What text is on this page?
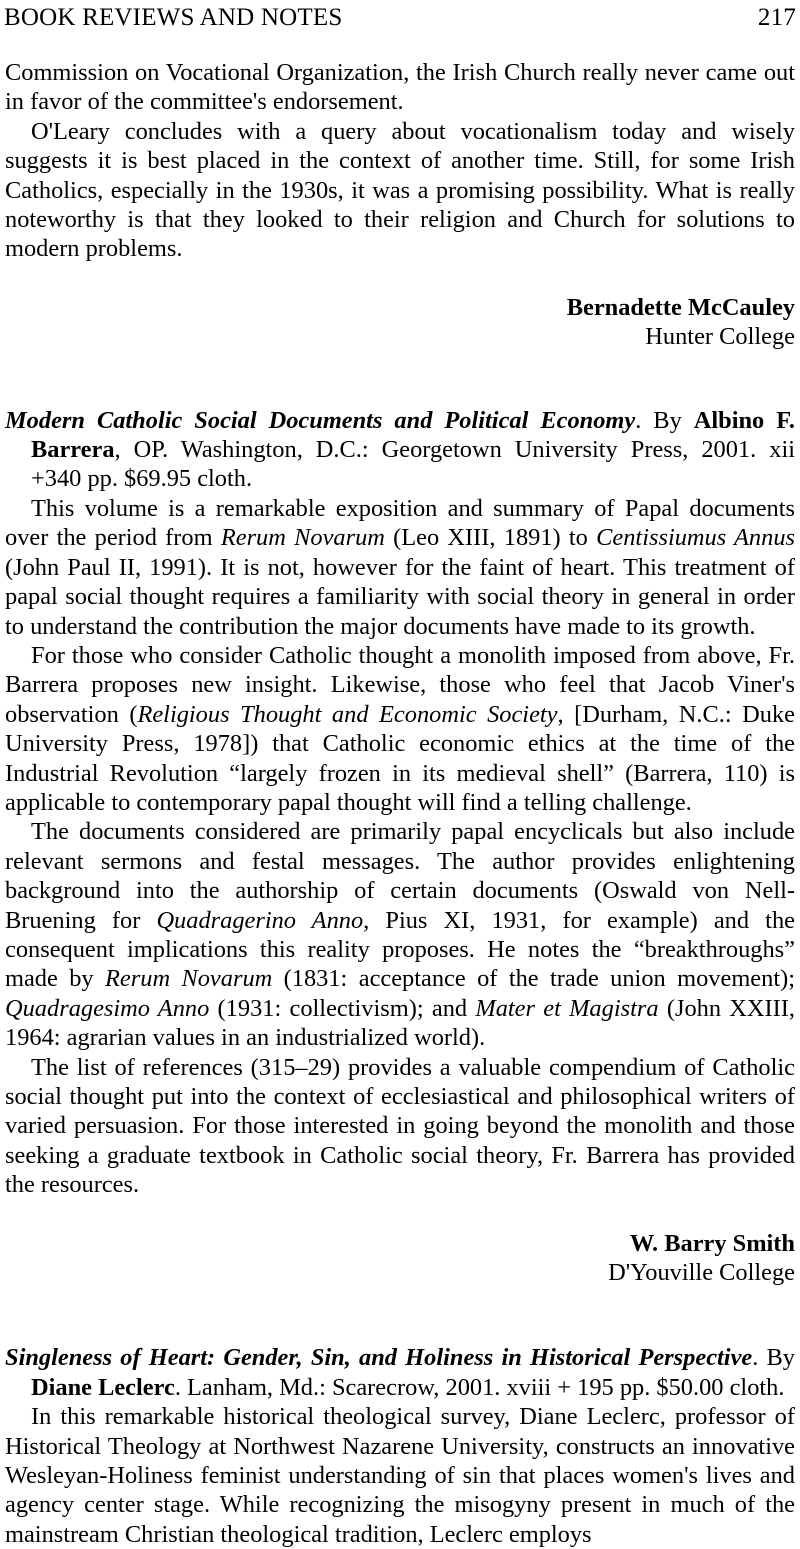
BOOK REVIEWS AND NOTES	217

Commission on Vocational Organization, the Irish Church really never came out in favor of the committee's endorsement.

O'Leary concludes with a query about vocationalism today and wisely suggests it is best placed in the context of another time. Still, for some Irish Catholics, especially in the 1930s, it was a promising possibility. What is really noteworthy is that they looked to their religion and Church for solutions to modern problems.

Bernadette McCauley
Hunter College

Modern Catholic Social Documents and Political Economy. By Albino F. Barrera, OP. Washington, D.C.: Georgetown University Press, 2001. xii +340 pp. $69.95 cloth.

This volume is a remarkable exposition and summary of Papal documents over the period from Rerum Novarum (Leo XIII, 1891) to Centissiumus Annus (John Paul II, 1991). It is not, however for the faint of heart. This treatment of papal social thought requires a familiarity with social theory in general in order to understand the contribution the major documents have made to its growth.

For those who consider Catholic thought a monolith imposed from above, Fr. Barrera proposes new insight. Likewise, those who feel that Jacob Viner's observation (Religious Thought and Economic Society, [Durham, N.C.: Duke University Press, 1978]) that Catholic economic ethics at the time of the Industrial Revolution “largely frozen in its medieval shell” (Barrera, 110) is applicable to contemporary papal thought will find a telling challenge.

The documents considered are primarily papal encyclicals but also include relevant sermons and festal messages. The author provides enlightening background into the authorship of certain documents (Oswald von Nell-Bruening for Quadragerino Anno, Pius XI, 1931, for example) and the consequent implications this reality proposes. He notes the “breakthroughs” made by Rerum Novarum (1831: acceptance of the trade union movement); Quadragesimo Anno (1931: collectivism); and Mater et Magistra (John XXIII, 1964: agrarian values in an industrialized world).

The list of references (315–29) provides a valuable compendium of Catholic social thought put into the context of ecclesiastical and philosophical writers of varied persuasion. For those interested in going beyond the monolith and those seeking a graduate textbook in Catholic social theory, Fr. Barrera has provided the resources.

W. Barry Smith
D'Youville College

Singleness of Heart: Gender, Sin, and Holiness in Historical Perspective. By Diane Leclerc. Lanham, Md.: Scarecrow, 2001. xviii + 195 pp. $50.00 cloth.

In this remarkable historical theological survey, Diane Leclerc, professor of Historical Theology at Northwest Nazarene University, constructs an innovative Wesleyan-Holiness feminist understanding of sin that places women's lives and agency center stage. While recognizing the misogyny present in much of the mainstream Christian theological tradition, Leclerc employs
